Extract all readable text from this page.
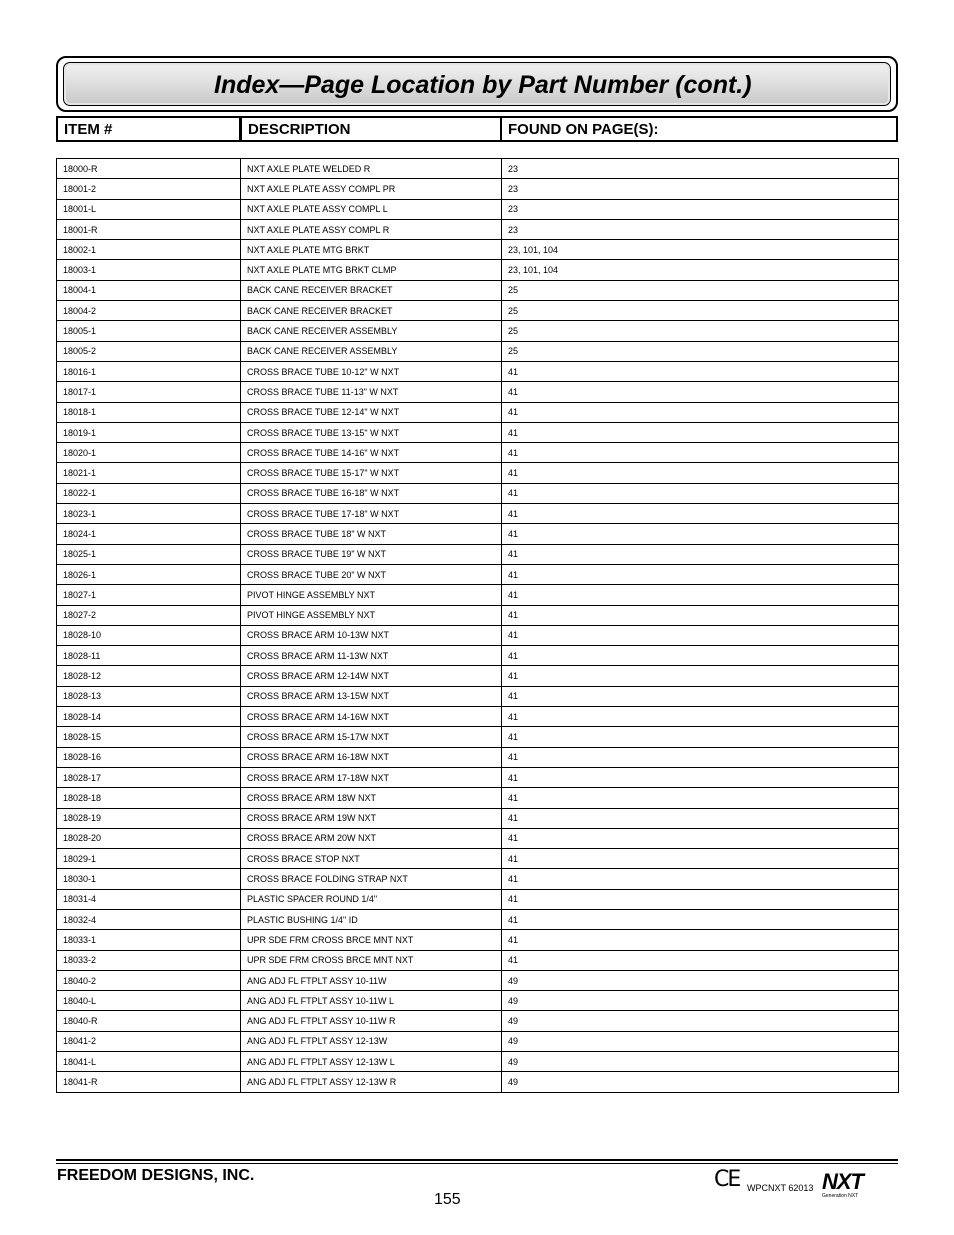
Index—Page Location by Part Number (cont.)
ITEM #	DESCRIPTION	FOUND ON PAGE(S):
18000-R	NXT AXLE PLATE WELDED R	23
18001-2	NXT AXLE PLATE ASSY COMPL PR	23
18001-L	NXT AXLE PLATE ASSY COMPL L	23
18001-R	NXT AXLE PLATE ASSY COMPL R	23
18002-1	NXT AXLE PLATE MTG BRKT	23, 101, 104
18003-1	NXT AXLE PLATE MTG BRKT CLMP	23, 101, 104
18004-1	BACK CANE RECEIVER BRACKET	25
18004-2	BACK CANE RECEIVER BRACKET	25
18005-1	BACK CANE RECEIVER ASSEMBLY	25
18005-2	BACK CANE RECEIVER ASSEMBLY	25
18016-1	CROSS BRACE TUBE 10-12" W NXT	41
18017-1	CROSS BRACE TUBE 11-13" W NXT	41
18018-1	CROSS BRACE TUBE 12-14" W NXT	41
18019-1	CROSS BRACE TUBE 13-15" W NXT	41
18020-1	CROSS BRACE TUBE 14-16" W NXT	41
18021-1	CROSS BRACE TUBE 15-17" W NXT	41
18022-1	CROSS BRACE TUBE 16-18" W NXT	41
18023-1	CROSS BRACE TUBE 17-18" W NXT	41
18024-1	CROSS BRACE TUBE 18" W NXT	41
18025-1	CROSS BRACE TUBE 19" W NXT	41
18026-1	CROSS BRACE TUBE 20" W NXT	41
18027-1	PIVOT HINGE ASSEMBLY NXT	41
18027-2	PIVOT HINGE ASSEMBLY NXT	41
18028-10	CROSS BRACE ARM 10-13W NXT	41
18028-11	CROSS BRACE ARM 11-13W NXT	41
18028-12	CROSS BRACE ARM 12-14W NXT	41
18028-13	CROSS BRACE ARM 13-15W NXT	41
18028-14	CROSS BRACE ARM 14-16W NXT	41
18028-15	CROSS BRACE ARM 15-17W NXT	41
18028-16	CROSS BRACE ARM 16-18W NXT	41
18028-17	CROSS BRACE ARM 17-18W NXT	41
18028-18	CROSS BRACE ARM 18W NXT	41
18028-19	CROSS BRACE ARM 19W NXT	41
18028-20	CROSS BRACE ARM 20W NXT	41
18029-1	CROSS BRACE STOP NXT	41
18030-1	CROSS BRACE FOLDING STRAP NXT	41
18031-4	PLASTIC SPACER ROUND 1/4"	41
18032-4	PLASTIC BUSHING 1/4" ID	41
18033-1	UPR SDE FRM CROSS BRCE MNT NXT	41
18033-2	UPR SDE FRM CROSS BRCE MNT NXT	41
18040-2	ANG ADJ FL FTPLT ASSY 10-11W	49
18040-L	ANG ADJ FL FTPLT ASSY 10-11W L	49
18040-R	ANG ADJ FL FTPLT ASSY 10-11W R	49
18041-2	ANG ADJ FL FTPLT ASSY 12-13W	49
18041-L	ANG ADJ FL FTPLT ASSY 12-13W L	49
18041-R	ANG ADJ FL FTPLT ASSY 12-13W R	49
FREEDOM DESIGNS, INC.
155
CE WPCNXT 62013 NXT
Generation NXT
